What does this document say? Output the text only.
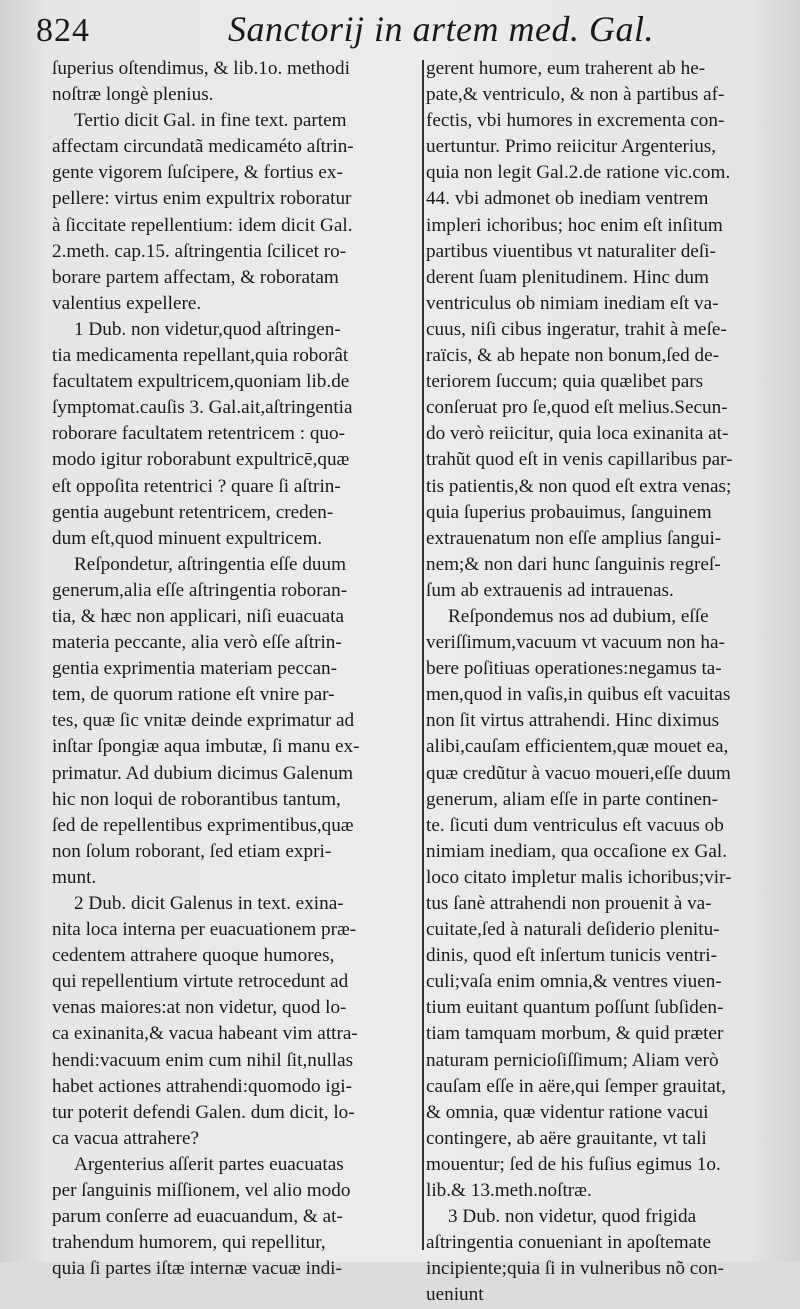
824	Sanctorij in artem med. Gal.
ſuperius oſtendimus, & lib.1o. methodi
noſtræ longè plenius.
Tertio dicit Gal. in fine text. partem
affectam circundatã medicaméto aſtrin-
gente vigorem ſuſcipere, & fortius ex-
pellere: virtus enim expultrix roboratur
à ſiccitate repellentium: idem dicit Gal.
2.meth. cap.15. aſtringentia ſcilicet ro-
borare partem affectam, & roboratam
valentius expellere.
1 Dub. non videtur,quod aſtringen-
tia medicamenta repellant,quia roborât
facultatem expultricem,quoniam lib.de
ſymptomat.cauſis 3. Gal.ait,aſtringentia
roborare facultatem retentricem : quo-
modo igitur roborabunt expultricē,quæ
eſt oppoſita retentrici ? quare ſi aſtrin-
gentia augebunt retentricem, creden-
dum eſt,quod minuent expultricem.
Reſpondetur, aſtringentia eſſe duum
generum,alia eſſe aſtringentia roboran-
tia, & hæc non applicari, niſi euacuata
materia peccante, alia verò eſſe aſtrin-
gentia exprimentia materiam peccan-
tem, de quorum ratione eſt vnire par-
tes, quæ ſic vnitæ deinde exprimatur ad
inſtar ſpongiæ aqua imbutæ, ſi manu ex-
primatur. Ad dubium dicimus Galenum
hic non loqui de roborantibus tantum,
ſed de repellentibus exprimentibus,quæ
non ſolum roborant, ſed etiam expri-
munt.
2 Dub. dicit Galenus in text. exina-
nita loca interna per euacuationem præ-
cedentem attrahere quoque humores,
qui repellentium virtute retrocedunt ad
venas maiores:at non videtur, quod lo-
ca exinanita,& vacua habeant vim attra-
hendi:vacuum enim cum nihil ſit,nullas
habet actiones attrahendi:quomodo igi-
tur poterit defendi Galen. dum dicit, lo-
ca vacua attrahere?
Argenterius aſſerit partes euacuatas
per ſanguinis miſſionem, vel alio modo
parum conſerre ad euacuandum, & at-
trahendum humorem, qui repellitur,
quia ſi partes iſtæ internæ vacuæ indi-
gerent humore, eum traherent ab he-
pate,& ventriculo, & non à partibus af-
fectis, vbi humores in excrementa con-
uertuntur. Primo reiicitur Argenterius,
quia non legit Gal.2.de ratione vic.com.
44. vbi admonet ob inediam ventrem
impleri ichoribus; hoc enim eſt inſitum
partibus viuentibus vt naturaliter deſi-
derent ſuam plenitudinem. Hinc dum
ventriculus ob nimiam inediam eſt va-
cuus, niſi cibus ingeratur, trahit à meſe-
raïcis, & ab hepate non bonum,ſed de-
teriorem ſuccum; quia quælibet pars
conſeruat pro ſe,quod eſt melius.Secun-
do verò reiicitur, quia loca exinanita at-
trahũt quod eſt in venis capillaribus par-
tis patientis,& non quod eſt extra venas;
quia ſuperius probauimus, ſanguinem
extrauenatum non eſſe amplius ſangui-
nem;& non dari hunc ſanguinis regreſ-
ſum ab extrauenis ad intrauenas.
Reſpondemus nos ad dubium, eſſe
veriſſimum,vacuum vt vacuum non ha-
bere poſitiuas operationes:negamus ta-
men,quod in vaſis,in quibus eſt vacuitas
non ſit virtus attrahendi. Hinc diximus
alibi,cauſam efficientem,quæ mouet ea,
quæ credũtur à vacuo moueri,eſſe duum
generum, aliam eſſe in parte continen-
te. ſicuti dum ventriculus eſt vacuus ob
nimiam inediam, qua occaſione ex Gal.
loco citato impletur malis ichoribus;vir-
tus ſanè attrahendi non prouenit à va-
cuitate,ſed à naturali deſiderio plenitu-
dinis, quod eſt inſertum tunicis ventri-
culi;vaſa enim omnia,& ventres viuen-
tium euitant quantum poſſunt ſubſiden-
tiam tamquam morbum, & quid præter
naturam pernicioſiſſimum; Aliam verò
cauſam eſſe in aëre,qui ſemper grauitat,
& omnia, quæ videntur ratione vacui
contingere, ab aëre grauitante, vt tali
mouentur; ſed de his fuſius egimus 1o.
lib.& 13.meth.noſtræ.
3 Dub. non videtur, quod frigida
aſtringentia conueniant in apoſtemate
incipiente;quia ſi in vulneribus nõ con-
ueniunt
